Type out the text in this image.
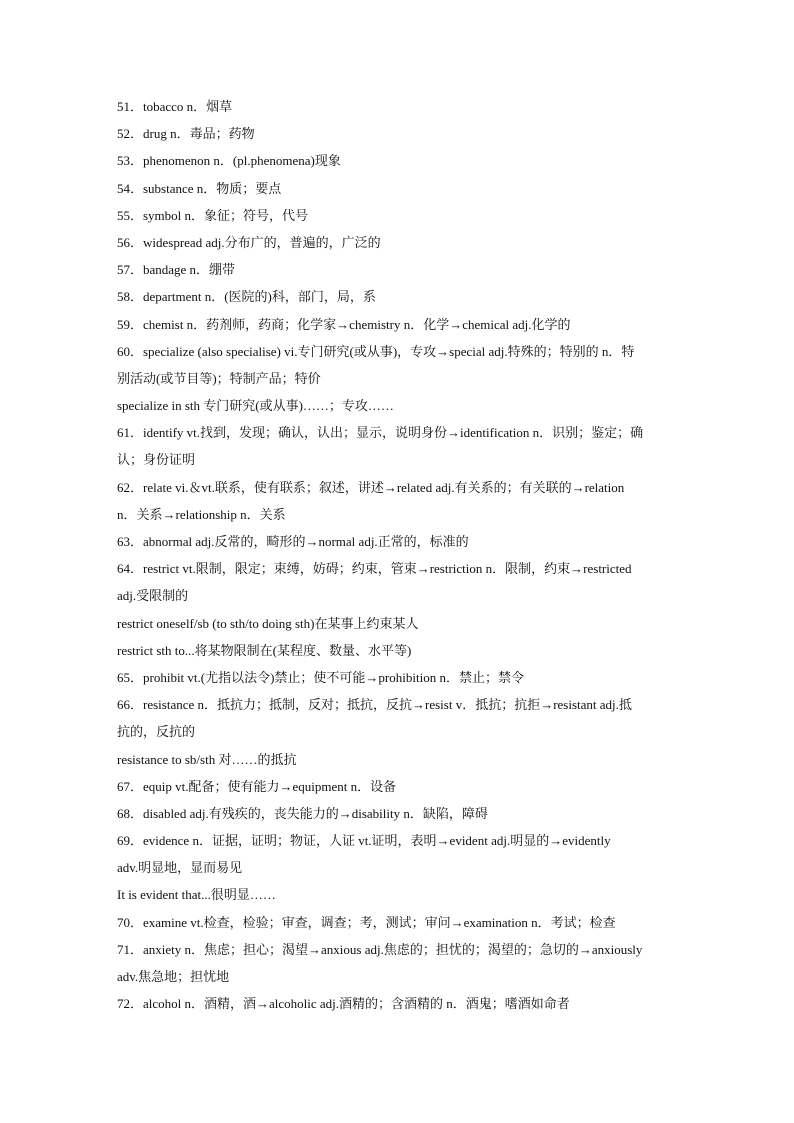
51．tobacco n．烟草
52．drug n．毒品；药物
53．phenomenon n．(pl.phenomena)现象
54．substance n．物质；要点
55．symbol n．象征；符号，代号
56．widespread adj.分布广的，普遍的，广泛的
57．bandage n．绷带
58．department n．(医院的)科，部门，局，系
59．chemist n．药剂师，药商；化学家→chemistry n．化学→chemical adj.化学的
60．specialize (also specialise) vi.专门研究(或从事)，专攻→special adj.特殊的；特别的 n．特
别活动(或节目等)；特制产品；特价
specialize in sth 专门研究(或从事)……；专攻……
61．identify vt.找到，发现；确认，认出；显示，说明身份→identification n．识别；鉴定；确
认；身份证明
62．relate vi.＆vt.联系，使有联系；叙述，讲述→related adj.有关系的；有关联的→relation
n．关系→relationship n．关系
63．abnormal adj.反常的，畸形的→normal adj.正常的，标准的
64．restrict vt.限制，限定；束缚，妨碍；约束，管束→restriction n．限制，约束→restricted
adj.受限制的
restrict oneself/sb (to sth/to doing sth)在某事上约束某人
restrict sth to...将某物限制在(某程度、数量、水平等)
65．prohibit vt.(尤指以法令)禁止；使不可能→prohibition n．禁止；禁令
66．resistance n．抵抗力；抵制，反对；抵抗，反抗→resist v．抵抗；抗拒→resistant adj.抵
抗的，反抗的
resistance to sb/sth 对……的抵抗
67．equip vt.配备；使有能力→equipment n．设备
68．disabled adj.有残疾的，丧失能力的→disability n．缺陷，障碍
69．evidence n．证据，证明；物证，人证 vt.证明，表明→evident adj.明显的→evidently
adv.明显地，显而易见
It is evident that...很明显……
70．examine vt.检查，检验；审查，调查；考，测试；审问→examination n．考试；检查
71．anxiety n．焦虑；担心；渴望→anxious adj.焦虑的；担忧的；渴望的；急切的→anxiously
adv.焦急地；担忧地
72．alcohol n．酒精，酒→alcoholic adj.酒精的；含酒精的 n．酒鬼；嗜酒如命者
